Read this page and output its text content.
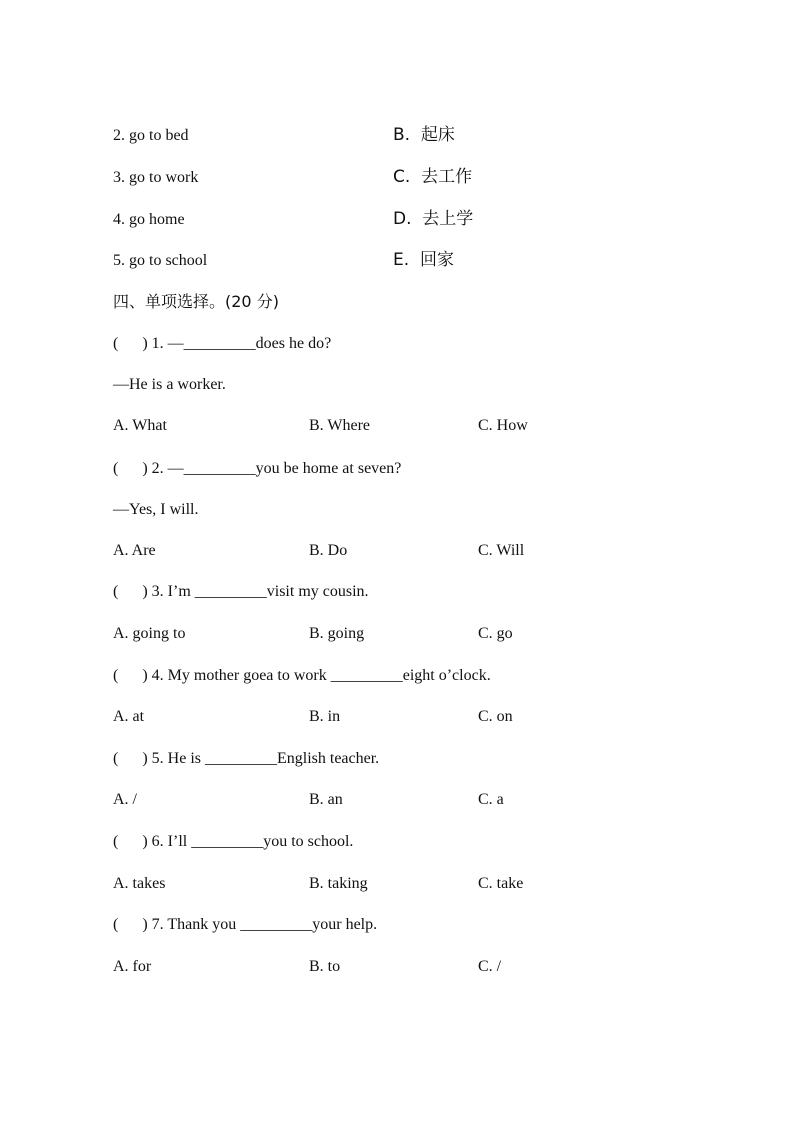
2. go to bed	B.  起床
3. go to work	C.  去工作
4. go home	D.  去上学
5. go to school	E.  回家
四、单项选择。(20 分)
(      ) 1. —_________does he do?
—He is a worker.
A. What	B. Where	C. How
(      ) 2. —_________you be home at seven?
—Yes, I will.
A. Are	B. Do	C. Will
(      ) 3. I’m _________visit my cousin.
A. going to	B. going	C. go
(      ) 4. My mother goea to work _________eight o’clock.
A. at	B. in	C. on
(      ) 5. He is _________English teacher.
A. /	B. an	C. a
(      ) 6. I’ll _________you to school.
A. takes	B. taking	C. take
(      ) 7. Thank you _________your help.
A. for	B. to	C. /
